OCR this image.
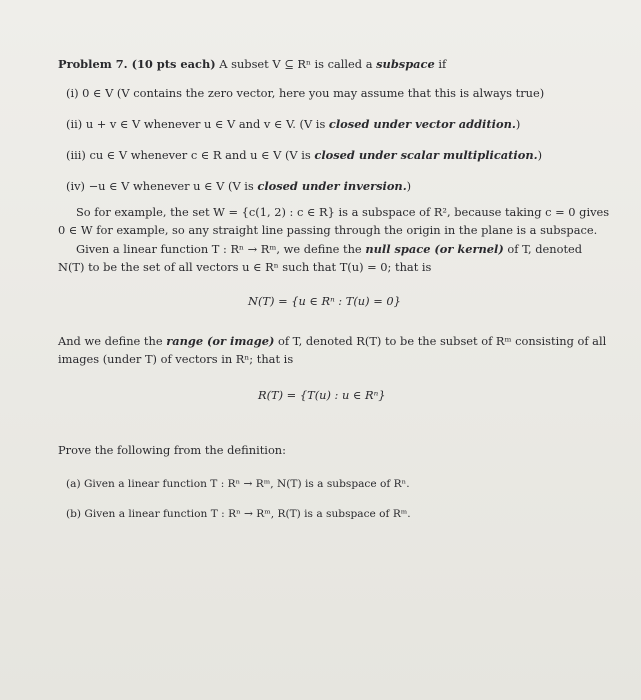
Problem 7. (10 pts each) A subset V ⊆ Rⁿ is called a subspace if
(i) 0 ∈ V (V contains the zero vector, here you may assume that this is always true)
(ii) u + v ∈ V whenever u ∈ V and v ∈ V. (V is closed under vector addition.)
(iii) cu ∈ V whenever c ∈ R and u ∈ V (V is closed under scalar multiplication.)
(iv) −u ∈ V whenever u ∈ V (V is closed under inversion.)
So for example, the set W = {c(1, 2) : c ∈ R} is a subspace of R², because taking c = 0 gives
0 ∈ W for example, so any straight line passing through the origin in the plane is a subspace.
Given a linear function T : Rⁿ → Rᵐ, we define the null space (or kernel) of T, denoted
N(T) to be the set of all vectors u ∈ Rⁿ such that T(u) = 0; that is
N(T) = {u ∈ Rⁿ : T(u) = 0}
And we define the range (or image) of T, denoted R(T) to be the subset of Rᵐ consisting of all
images (under T) of vectors in Rⁿ; that is
R(T) = {T(u) : u ∈ Rⁿ}
Prove the following from the definition:
(a) Given a linear function T : Rⁿ → Rᵐ, N(T) is a subspace of Rⁿ.
(b) Given a linear function T : Rⁿ → Rᵐ, R(T) is a subspace of Rᵐ.
